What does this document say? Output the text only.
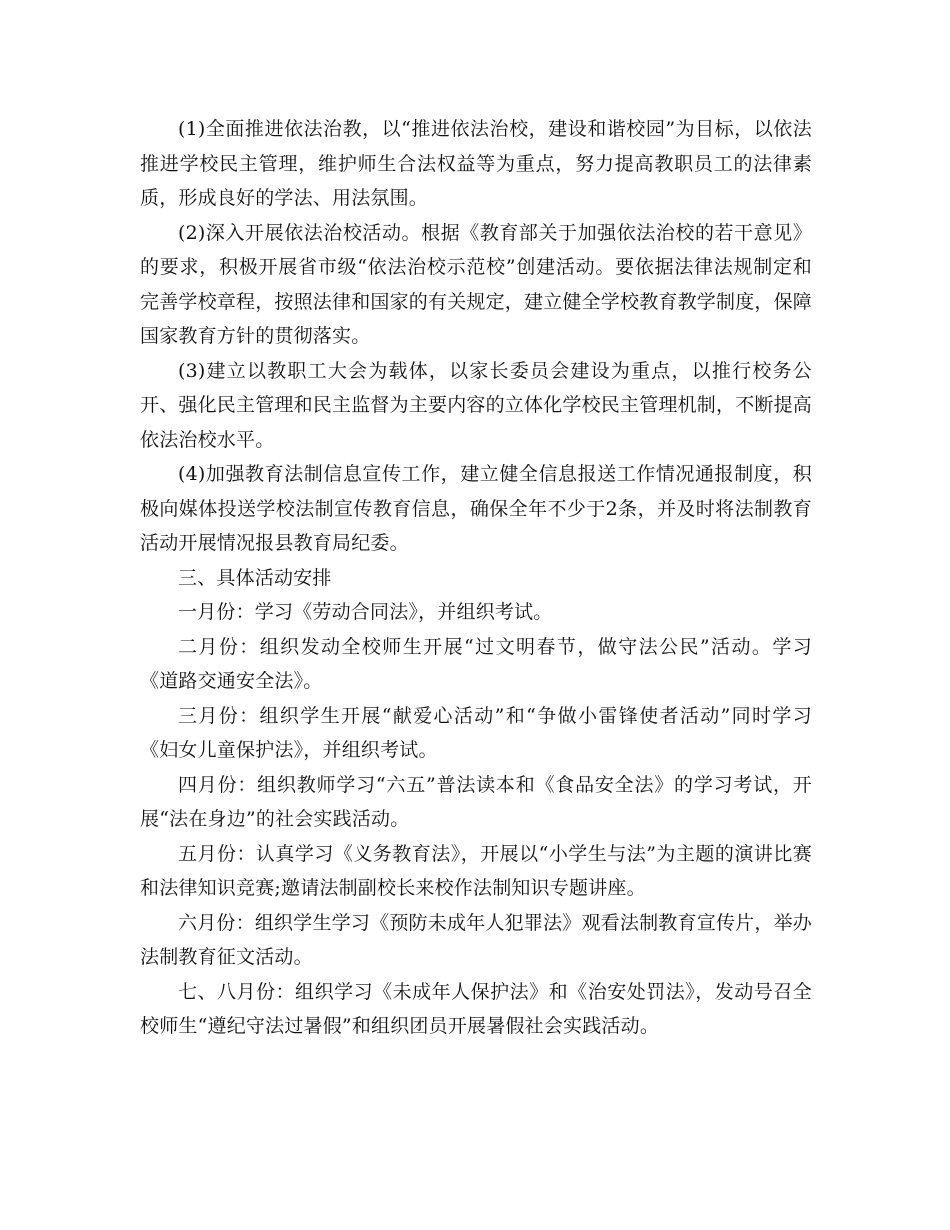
(1)全面推进依法治教，以“推进依法治校，建设和谐校园”为目标，以依法推进学校民主管理，维护师生合法权益等为重点，努力提高教职员工的法律素质，形成良好的学法、用法氛围。

(2)深入开展依法治校活动。根据《教育部关于加强依法治校的若干意见》的要求，积极开展省市级“依法治校示范校”创建活动。要依据法律法规制定和完善学校章程，按照法律和国家的有关规定，建立健全学校教育教学制度，保障国家教育方针的贯彻落实。

(3)建立以教职工大会为载体，以家长委员会建设为重点，以推行校务公开、强化民主管理和民主监督为主要内容的立体化学校民主管理机制，不断提高依法治校水平。

(4)加强教育法制信息宣传工作，建立健全信息报送工作情况通报制度，积极向媒体投送学校法制宣传教育信息，确保全年不少于2条，并及时将法制教育活动开展情况报县教育局纪委。

三、具体活动安排

一月份：学习《劳动合同法》，并组织考试。

二月份：组织发动全校师生开展“过文明春节，做守法公民”活动。学习《道路交通安全法》。

三月份：组织学生开展“献爱心活动”和“争做小雷锋使者活动”同时学习《妇女儿童保护法》，并组织考试。

四月份：组织教师学习“六五”普法读本和《食品安全法》的学习考试，开展“法在身边”的社会实践活动。

五月份：认真学习《义务教育法》，开展以“小学生与法”为主题的演讲比赛和法律知识竞赛;邀请法制副校长来校作法制知识专题讲座。

六月份：组织学生学习《预防未成年人犯罪法》观看法制教育宣传片，举办法制教育征文活动。

七、八月份：组织学习《未成年人保护法》和《治安处罚法》，发动号召全校师生“遵纪守法过暑假”和组织团员开展暑假社会实践活动。
